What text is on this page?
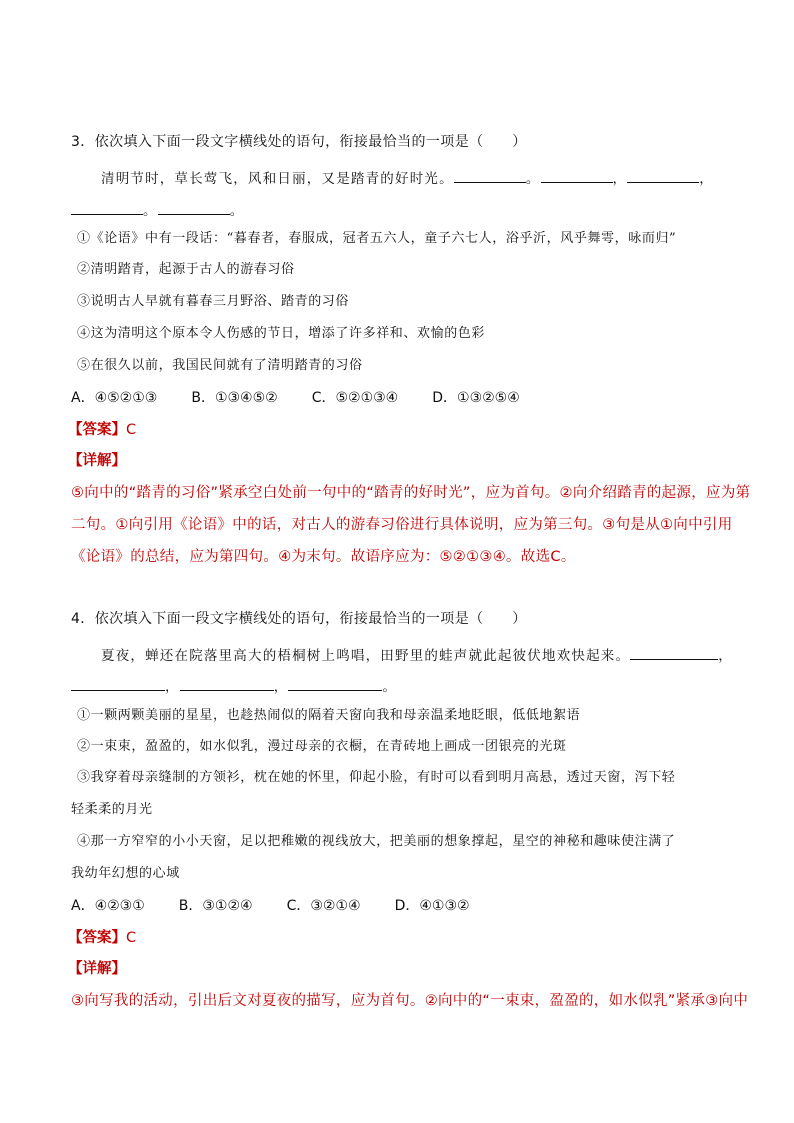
3．依次填入下面一段文字横线处的语句，衔接最恰当的一项是（　　）
清明节时，草长莺飞，风和日丽，又是踏青的好时光。	。	，	，
。	。
①《论语》中有一段话：“暮春者，春服成，冠者五六人，童子六七人，浴乎沂，风乎舞雩，咏而归”
②清明踏青，起源于古人的游春习俗
③说明古人早就有暮春三月野浴、踏青的习俗
④这为清明这个原本令人伤感的节日，增添了许多祥和、欢愉的色彩
⑤在很久以前，我国民间就有了清明踏青的习俗
A．④⑤②①③ B．①③④⑤② C．⑤②①③④ D．①③②⑤④
【答案】C
【详解】
⑤向中的“踏青的习俗”紧承空白处前一句中的“踏青的好时光”，应为首句。②向介绍踏青的起源，应为第
二句。①向引用《论语》中的话，对古人的游春习俗进行具体说明，应为第三句。③句是从①向中引用
《论语》的总结，应为第四句。④为末句。故语序应为：⑤②①③④。故选C。
4．依次填入下面一段文字横线处的语句，衔接最恰当的一项是（　　）
夏夜，蝉还在院落里高大的梧桐树上鸣唱，田野里的蛙声就此起彼伏地欢快起来。	，
，	，	。
①一颗两颗美丽的星星，也趁热闹似的隔着天窗向我和母亲温柔地眨眼，低低地絮语
②一束束，盈盈的，如水似乳，漫过母亲的衣橱，在青砖地上画成一团银亮的光斑
③我穿着母亲缝制的方领衫，枕在她的怀里，仰起小脸，有时可以看到明月高悬，透过天窗，泻下轻
轻柔柔的月光
④那一方窄窄的小小天窗，足以把稚嫩的视线放大，把美丽的想象撑起，星空的神秘和趣味使注满了
我幼年幻想的心域
A．④②③① B．③①②④ C．③②①④ D．④①③②
【答案】C
【详解】
③向写我的活动，引出后文对夏夜的描写，应为首句。②向中的“一束束，盈盈的，如水似乳”紧承③向中
